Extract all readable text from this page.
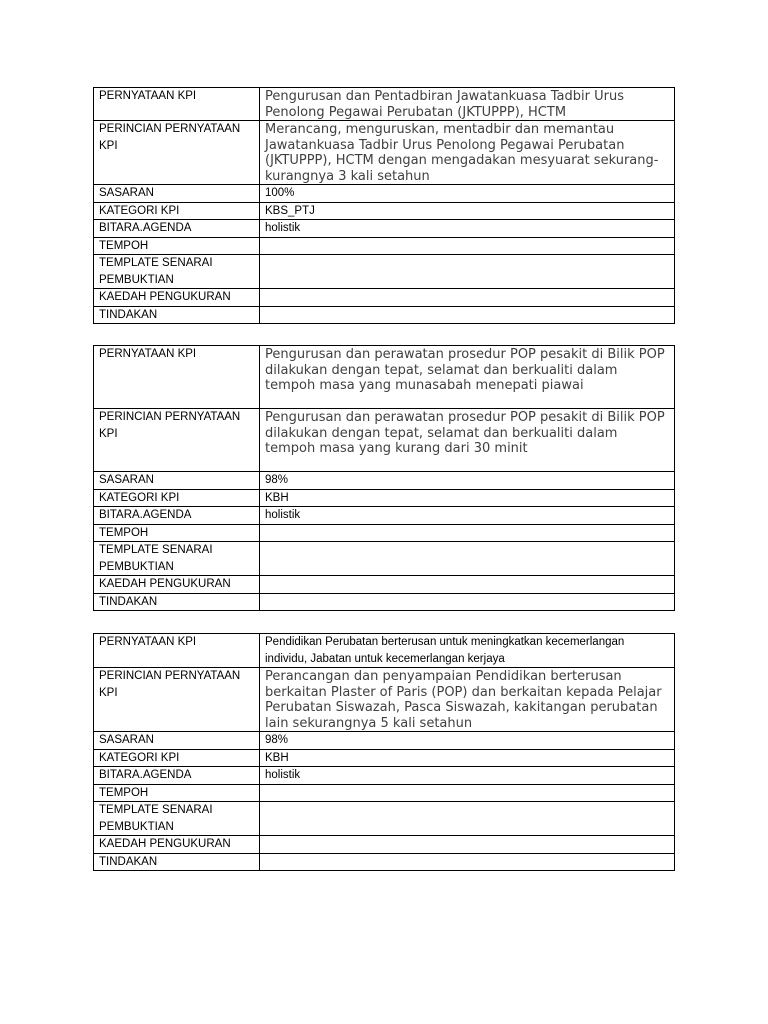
PERNYATAAN KPI	Pengurusan dan Pentadbiran Jawatankuasa Tadbir Urus Penolong Pegawai Perubatan (JKTUPPP), HCTM
PERINCIAN PERNYATAAN KPI	Merancang, menguruskan, mentadbir dan memantau Jawatankuasa Tadbir Urus Penolong Pegawai Perubatan (JKTUPPP), HCTM dengan mengadakan mesyuarat sekurang-kurangnya 3 kali setahun
SASARAN	100%
KATEGORI KPI	KBS_PTJ
BITARA.AGENDA	holistik
TEMPOH	
TEMPLATE SENARAI PEMBUKTIAN	
KAEDAH PENGUKURAN	
TINDAKAN	
PERNYATAAN KPI	Pengurusan dan perawatan prosedur POP pesakit di Bilik POP dilakukan dengan tepat, selamat dan berkualiti dalam tempoh masa yang munasabah menepati piawai
PERINCIAN PERNYATAAN KPI	Pengurusan dan perawatan prosedur POP pesakit di Bilik POP dilakukan dengan tepat, selamat dan berkualiti dalam tempoh masa yang kurang dari 30 minit
SASARAN	98%
KATEGORI KPI	KBH
BITARA.AGENDA	holistik
TEMPOH	
TEMPLATE SENARAI PEMBUKTIAN	
KAEDAH PENGUKURAN	
TINDAKAN	
PERNYATAAN KPI	Pendidikan Perubatan berterusan untuk meningkatkan kecemerlangan individu, Jabatan untuk kecemerlangan kerjaya
PERINCIAN PERNYATAAN KPI	Perancangan dan penyampaian Pendidikan berterusan berkaitan Plaster of Paris (POP) dan berkaitan kepada Pelajar Perubatan Siswazah, Pasca Siswazah, kakitangan perubatan lain sekurangnya 5 kali setahun
SASARAN	98%
KATEGORI KPI	KBH
BITARA.AGENDA	holistik
TEMPOH	
TEMPLATE SENARAI PEMBUKTIAN	
KAEDAH PENGUKURAN	
TINDAKAN	
